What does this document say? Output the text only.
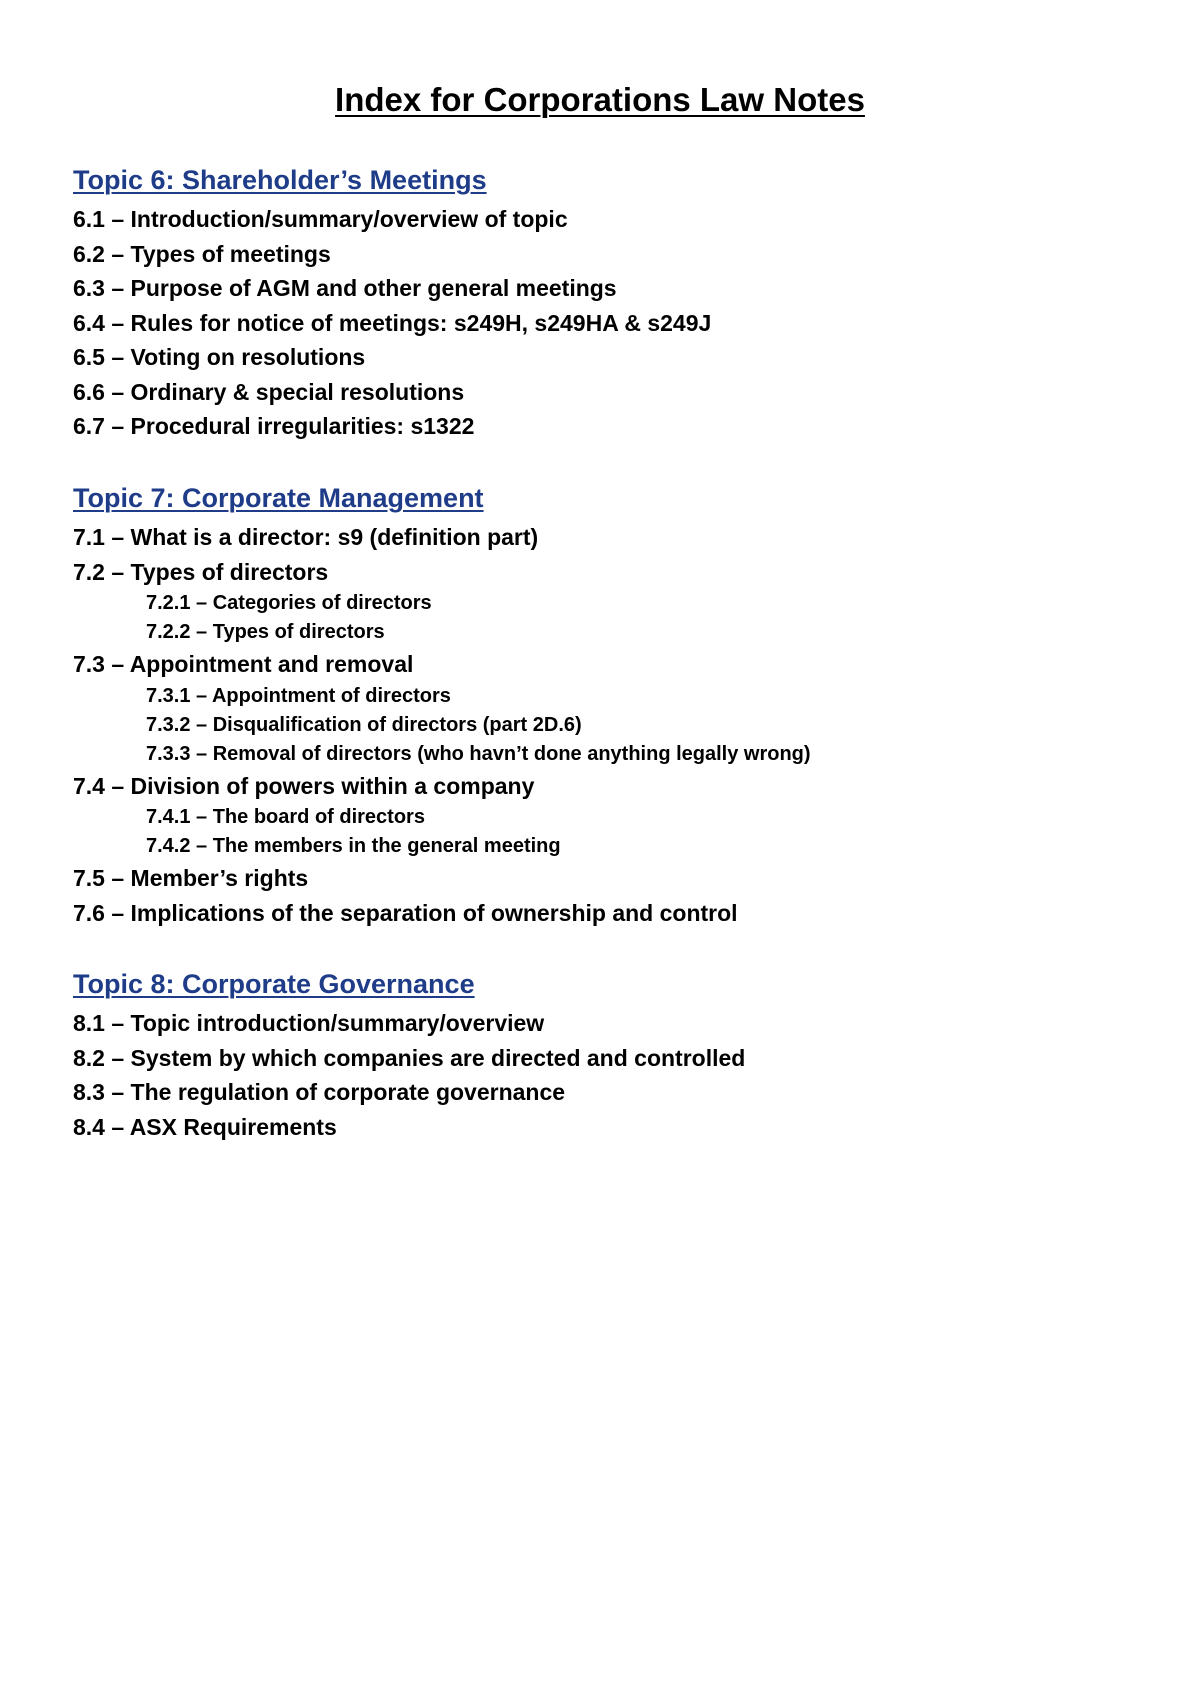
Index for Corporations Law Notes
Topic 6: Shareholder’s Meetings
6.1 – Introduction/summary/overview of topic
6.2 – Types of meetings
6.3 – Purpose of AGM and other general meetings
6.4 – Rules for notice of meetings: s249H, s249HA & s249J
6.5 – Voting on resolutions
6.6 – Ordinary & special resolutions
6.7 – Procedural irregularities: s1322
Topic 7: Corporate Management
7.1 – What is a director: s9 (definition part)
7.2 – Types of directors
7.2.1 – Categories of directors
7.2.2 – Types of directors
7.3 – Appointment and removal
7.3.1 – Appointment of directors
7.3.2 – Disqualification of directors (part 2D.6)
7.3.3 – Removal of directors (who havn’t done anything legally wrong)
7.4 – Division of powers within a company
7.4.1 – The board of directors
7.4.2 – The members in the general meeting
7.5 – Member’s rights
7.6 – Implications of the separation of ownership and control
Topic 8: Corporate Governance
8.1 – Topic introduction/summary/overview
8.2 – System by which companies are directed and controlled
8.3 – The regulation of corporate governance
8.4 – ASX Requirements
